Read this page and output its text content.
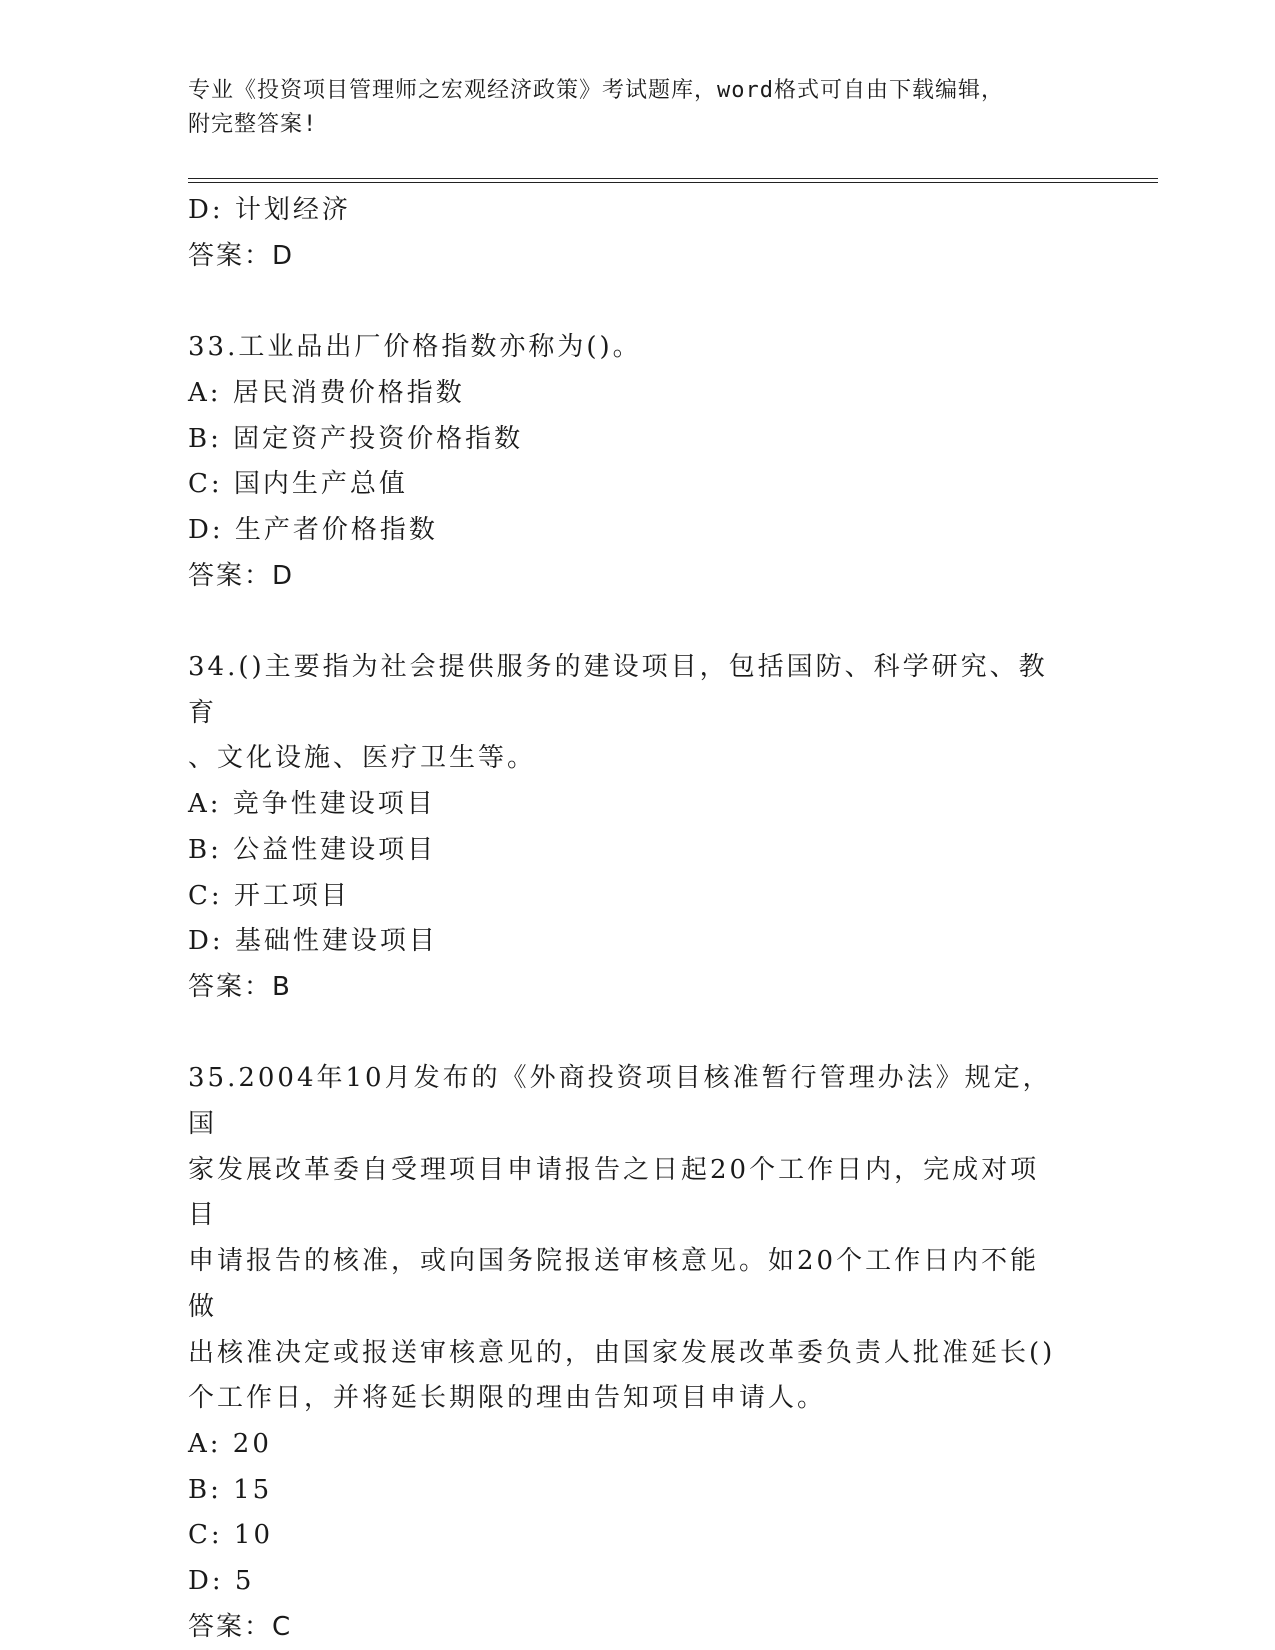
专业《投资项目管理师之宏观经济政策》考试题库，word格式可自由下载编辑，
附完整答案!
D: 计划经济
答案：D
33.工业品出厂价格指数亦称为()。
A: 居民消费价格指数
B: 固定资产投资价格指数
C: 国内生产总值
D: 生产者价格指数
答案：D
34.()主要指为社会提供服务的建设项目，包括国防、科学研究、教育
、文化设施、医疗卫生等。
A: 竞争性建设项目
B: 公益性建设项目
C: 开工项目
D: 基础性建设项目
答案：B
35.2004年10月发布的《外商投资项目核准暂行管理办法》规定，国
家发展改革委自受理项目申请报告之日起20个工作日内，完成对项目
申请报告的核准，或向国务院报送审核意见。如20个工作日内不能做
出核准决定或报送审核意见的，由国家发展改革委负责人批准延长()
个工作日，并将延长期限的理由告知项目申请人。
A: 20
B: 15
C: 10
D: 5
答案：C
